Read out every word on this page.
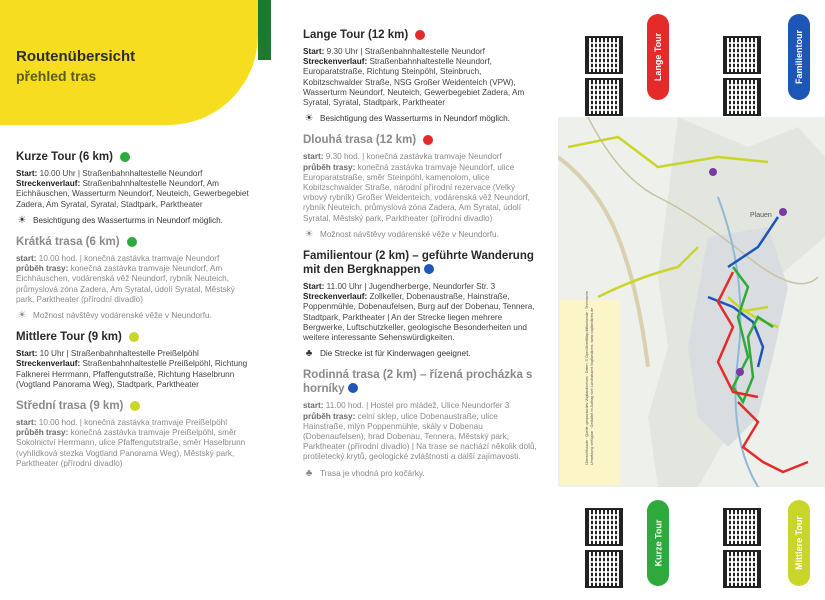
Routenübersicht
přehled tras
Kurze Tour (6 km)
Start: 10.00 Uhr | Straßenbahnhaltestelle Neundorf
Streckenverlauf: Straßenbahnhaltestelle Neundorf, Am Eichhäuschen, Wasserturm Neundorf, Neuteich, Gewerbegebiet Zadera, Am Syratal, Syratal, Stadtpark, Parktheater
☀ Besichtigung des Wasserturms in Neundorf möglich.
Krátká trasa (6 km)
start: 10.00 hod. | konečná zastávka tramvaje Neundorf
průběh trasy: konečná zastávka tramvaje Neundorf, Am Eichhäuschen, vodárenská věž Neundorf, rybník Neuteich, průmyslová zóna Zadera, Am Syratal, údolí Syratal, Městský park, Parktheater (přírodní divadlo)
☀ Možnost návštěvy vodárenské věže v Neundorfu.
Mittlere Tour (9 km)
Start: 10 Uhr | Straßenbahnhaltestelle Preißelpöhl
Streckenverlauf: Straßenbahnhaltestelle Preißelpöhl, Richtung Falknerei Herrmann, Pfaffengutstraße, Richtung Haselbrunn (Vogtland Panorama Weg), Stadtpark, Parktheater
Střední trasa (9 km)
start: 10.00 hod. | konečná zastávka tramvaje Preißelpöhl
průběh trasy: konečná zastávka tramvaje Preißelpöhl, směr Sokolnictví Herrmann, ulice Pfaffengutstraße, směr Haselbrunn (vyhlídková stezka Vogtland Panorama Weg), Městský park, Parktheater (přírodní divadlo)
Lange Tour (12 km)
Start: 9.30 Uhr | Straßenbahnhaltestelle Neundorf
Streckenverlauf: Straßenbahnhaltestelle Neundorf, Europaratstraße, Richtung Steinpöhl, Steinbruch, Kobitzschwalder Straße, NSG Großer Weidenteich (VPW), Wasserturm Neundorf, Neuteich, Gewerbegebiet Zadera, Am Syratal, Syratal, Stadtpark, Parktheater
☀ Besichtigung des Wasserturms in Neundorf möglich.
Dlouhá trasa (12 km)
start: 9.30 hod. | konečná zastávka tramvaje Neundorf
průběh trasy: konečná zastávka tramvaje Neundorf, ulice Europaratstraße, směr Steinpöhl, kamenolom, ulice Kobitzschwalder Straße, národní přírodní rezervace (Velký vrbový rybník) Großer Weidenteich, vodárenská věž Neundorf, rybník Neuteich, průmyslová zóna Zadera, Am Syratal, údolí Syratal, Městský park, Parktheater (přírodní divadlo)
☀ Možnost návštěvy vodárenské věže v Neundorfu.
Familientour (2 km) – geführte Wanderung mit den Bergknappen
Start: 11.00 Uhr | Jugendherberge, Neundorfer Str. 3
Streckenverlauf: Zollkeller, Dobenaustraße, Hainstraße, Poppenmühle, Dobenaufelsen, Burg auf der Dobenau, Tennera, Stadtpark, Parktheater | An der Strecke liegen mehrere Bergwerke, Luftschutzkeller, geologische Besonderheiten und weitere interessante Sehenswürdigkeiten.
♣ Die Strecke ist für Kinderwagen geeignet.
Rodinná trasa (2 km) – řízená procházka s horníky
start: 11.00 hod. | Hostel pro mládež, Ulice Neundorfer 3
průběh trasy: celní sklep, ulice Dobenaustraße, ulice Hainstraße, mlýn Poppenmühle, skály v Dobenau (Dobenaufelsen), hrad Dobenau, Tennera, Městský park, Parktheater (přírodní divadlo) | Na trase se nachází několik dolů, protiletecký krytů, geologické zvláštnosti a další zajímavosti.
♣ Trasa je vhodná pro kočárky.
Lange Tour	Familientour
Plauen
Übersichtskarte · Quelle: geoportal des Vogtlandkreises · Daten: © OpenStreetMap-Mitwirkende · Technische Umsetzung verfügbar · Gestaltet im Auftrag vom Landratsamt Vogtlandkreis, www.vogtlandkreis.de
Kurze Tour	Mittlere Tour
